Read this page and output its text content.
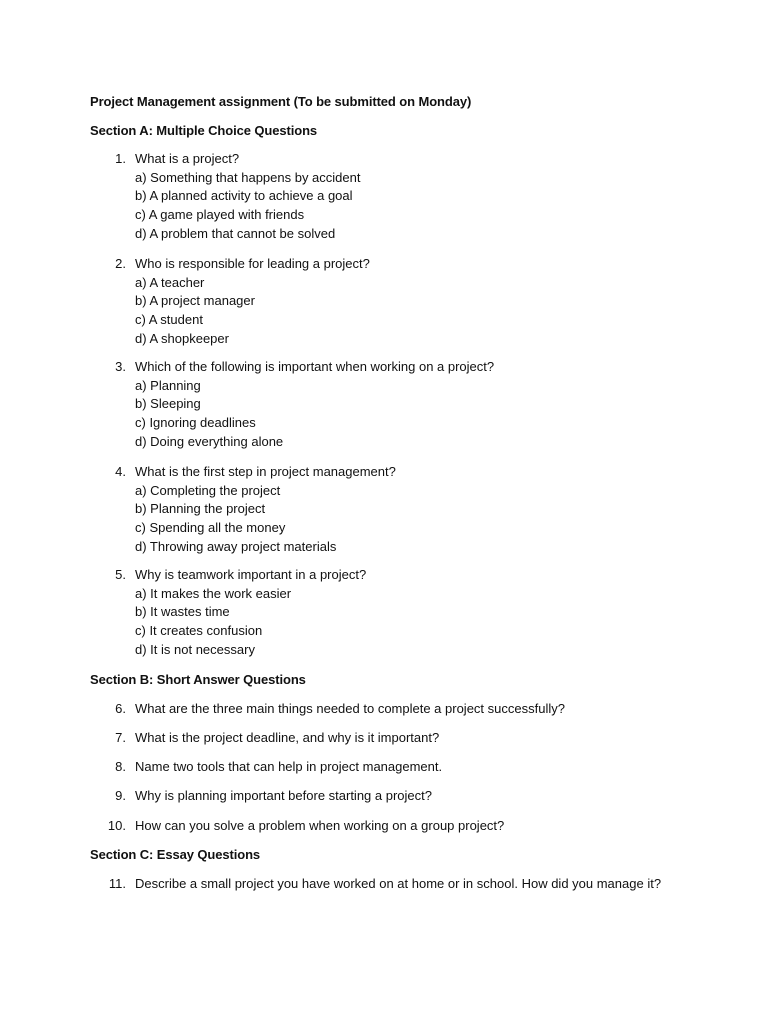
Project Management assignment (To be submitted on Monday)
Section A: Multiple Choice Questions
1. What is a project?
a) Something that happens by accident
b) A planned activity to achieve a goal
c) A game played with friends
d) A problem that cannot be solved
2. Who is responsible for leading a project?
a) A teacher
b) A project manager
c) A student
d) A shopkeeper
3. Which of the following is important when working on a project?
a) Planning
b) Sleeping
c) Ignoring deadlines
d) Doing everything alone
4. What is the first step in project management?
a) Completing the project
b) Planning the project
c) Spending all the money
d) Throwing away project materials
5. Why is teamwork important in a project?
a) It makes the work easier
b) It wastes time
c) It creates confusion
d) It is not necessary
Section B: Short Answer Questions
6. What are the three main things needed to complete a project successfully?
7. What is the project deadline, and why is it important?
8. Name two tools that can help in project management.
9. Why is planning important before starting a project?
10. How can you solve a problem when working on a group project?
Section C: Essay Questions
11. Describe a small project you have worked on at home or in school. How did you manage it?
